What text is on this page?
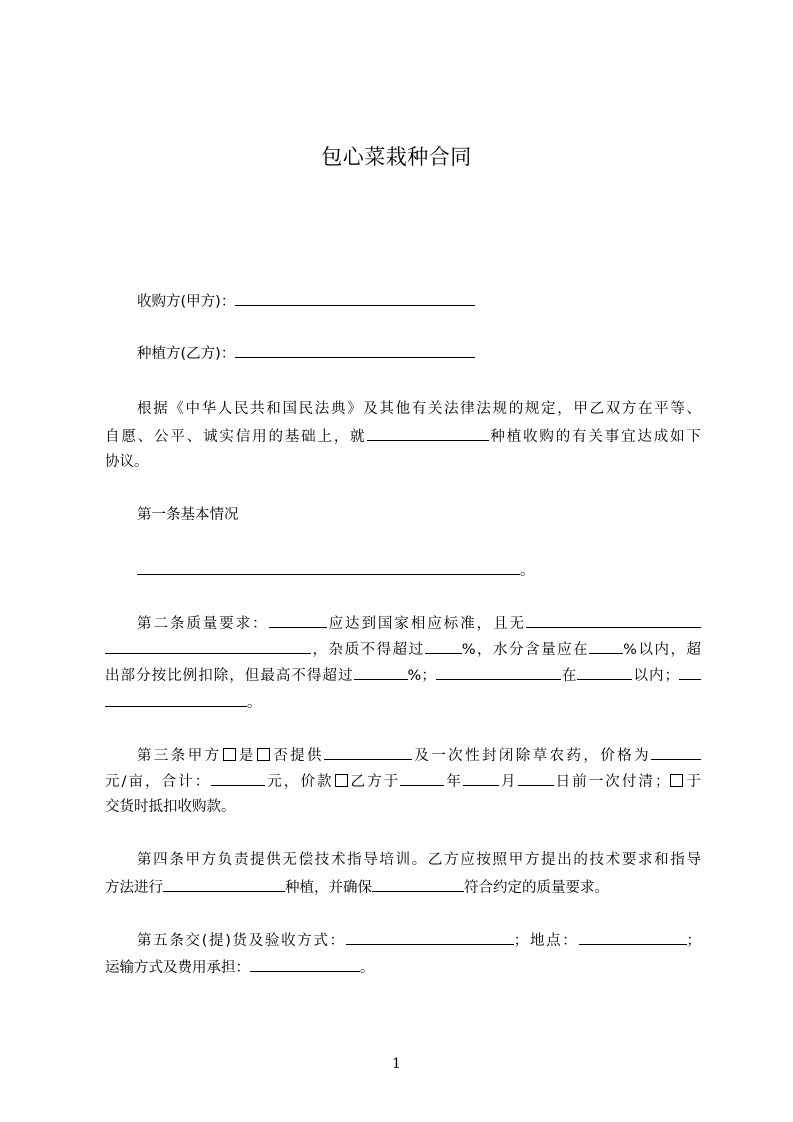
包心菜栽种合同
收购方(甲方)：
种植方(乙方)：
根据《中华人民共和国民法典》及其他有关法律法规的规定，甲乙双方在平等、
自愿、公平、诚实信用的基础上，就	种植收购的有关事宜达成如下
协议。
第一条基本情况
。
第二条质量要求：	应达到国家相应标准，且无
，杂质不得超过	%，水分含量应在 %以内，超
出部分按比例扣除，但最高不得超过	%；	在	以内；
。
第三条甲方 是 否提供	及一次性封闭除草农药，价格为
元/亩，合计：	元，价款 乙方于	年 月 日前一次付清； 于
交货时抵扣收购款。
第四条甲方负责提供无偿技术指导培训。乙方应按照甲方提出的技术要求和指导
方法进行	种植，并确保	符合约定的质量要求。
第五条交(提)货及验收方式：	；地点：	；
运输方式及费用承担：	。
1
